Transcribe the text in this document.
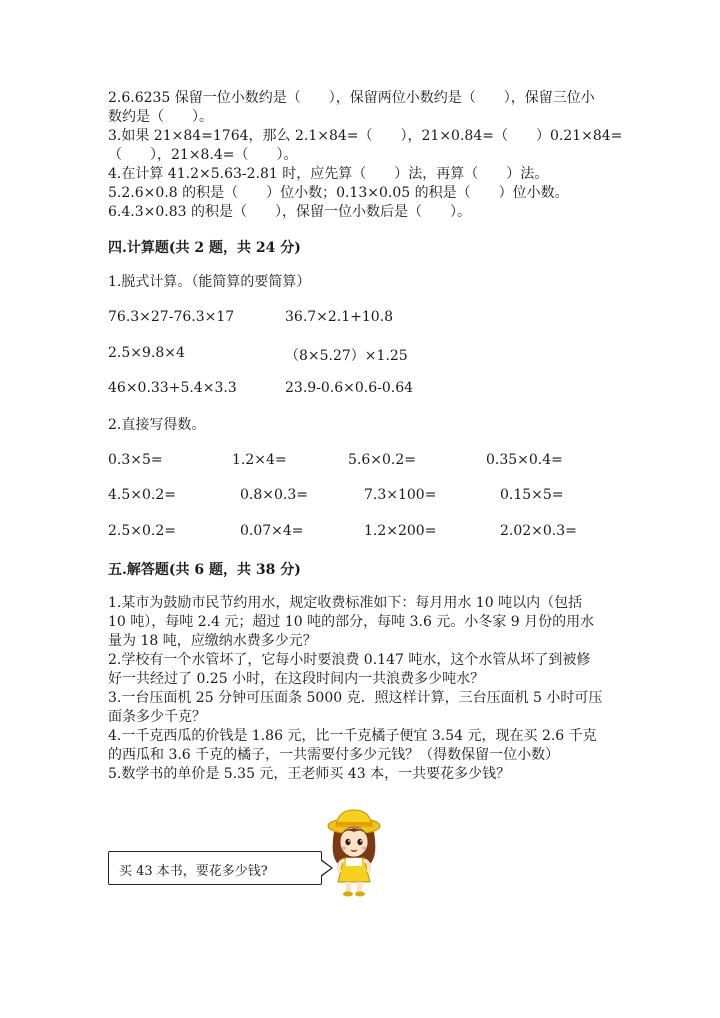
2.6.6235 保留一位小数约是（　　），保留两位小数约是（　　），保留三位小
数约是（　　）。
3.如果 21×84=1764，那么 2.1×84=（　　），21×0.84=（　　）0.21×84=
（　　），21×8.4=（　　）。
4.在计算 41.2×5.63-2.81 时，应先算（　　）法，再算（　　）法。
5.2.6×0.8 的积是（　　）位小数；0.13×0.05 的积是（　　）位小数。
6.4.3×0.83 的积是（　　），保留一位小数后是（　　）。
四.计算题(共 2 题，共 24 分)
1.脱式计算。（能简算的要简算）
76.3×27-76.3×17	36.7×2.1+10.8
2.5×9.8×4	（8×5.27）×1.25
46×0.33+5.4×3.3	23.9-0.6×0.6-0.64
2.直接写得数。
0.3×5=	1.2×4=	5.6×0.2=	0.35×0.4=
4.5×0.2=	0.8×0.3=	7.3×100=	0.15×5=
2.5×0.2=	0.07×4=	1.2×200=	2.02×0.3=
五.解答题(共 6 题，共 38 分)
1.某市为鼓励市民节约用水，规定收费标准如下：每月用水 10 吨以内（包括
10 吨），每吨 2.4 元；超过 10 吨的部分，每吨 3.6 元。小冬家 9 月份的用水
量为 18 吨，应缴纳水费多少元？
2.学校有一个水管坏了，它每小时要浪费 0.147 吨水，这个水管从坏了到被修
好一共经过了 0.25 小时，在这段时间内一共浪费多少吨水？
3.一台压面机 25 分钟可压面条 5000 克．照这样计算，三台压面机 5 小时可压
面条多少千克？
4.一千克西瓜的价钱是 1.86 元，比一千克橘子便宜 3.54 元，现在买 2.6 千克
的西瓜和 3.6 千克的橘子，一共需要付多少元钱？（得数保留一位小数）
5.数学书的单价是 5.35 元，王老师买 43 本，一共要花多少钱？
买 43 本书，要花多少钱?
